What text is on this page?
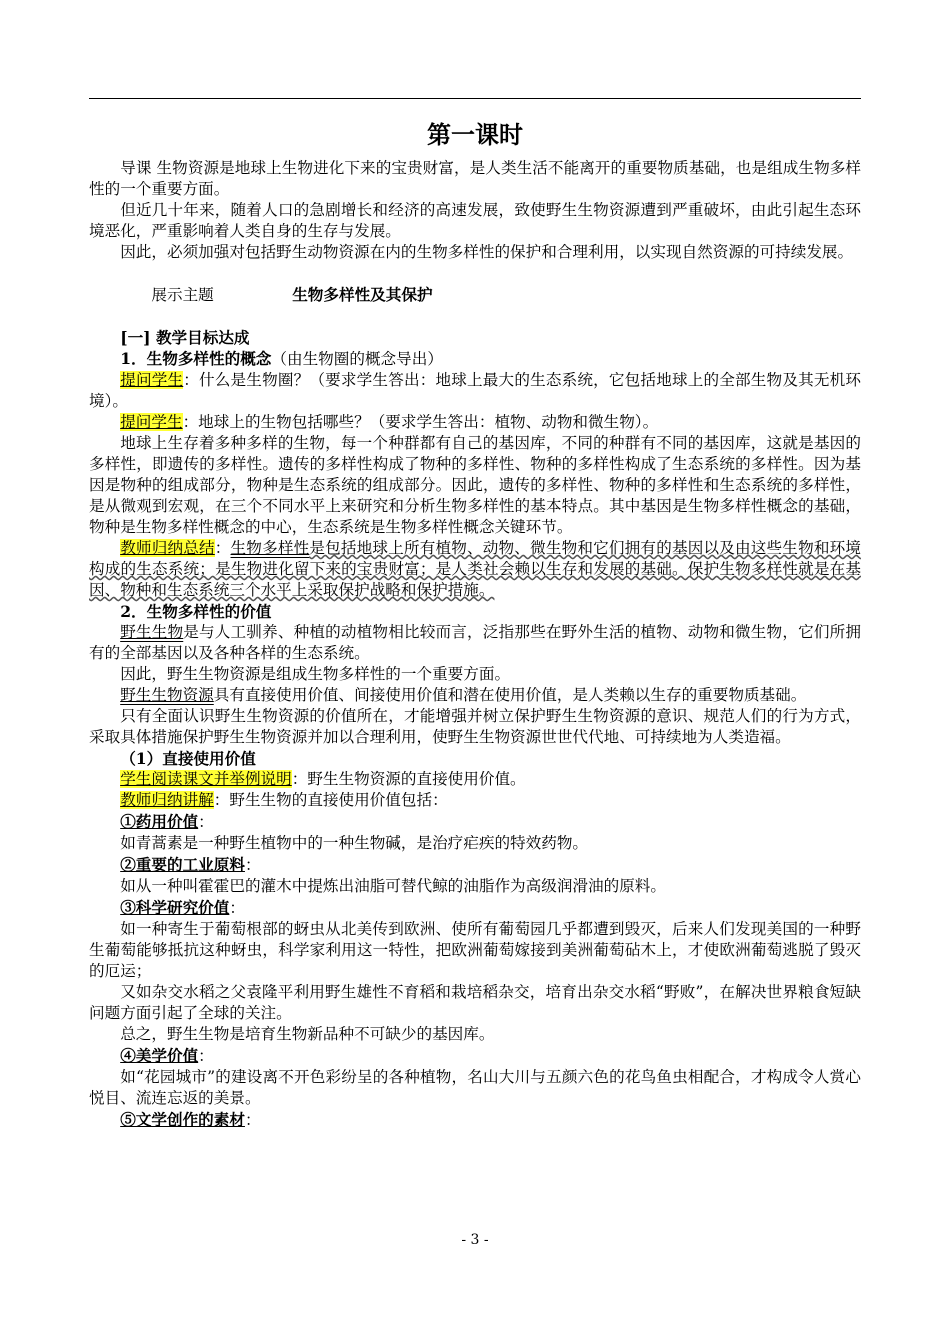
第一课时

导课 生物资源是地球上生物进化下来的宝贵财富，是人类生活不能离开的重要物质基础，也是组成生物多样性的一个重要方面。

但近几十年来，随着人口的急剧增长和经济的高速发展，致使野生生物资源遭到严重破坏，由此引起生态环境恶化，严重影响着人类自身的生存与发展。

因此，必须加强对包括野生动物资源在内的生物多样性的保护和合理利用，以实现自然资源的可持续发展。

展示主题	生物多样性及其保护

[一] 教学目标达成

1．生物多样性的概念（由生物圈的概念导出）

提问学生：什么是生物圈？（要求学生答出：地球上最大的生态系统，它包括地球上的全部生物及其无机环境）。

提问学生：地球上的生物包括哪些？（要求学生答出：植物、动物和微生物）。

地球上生存着多种多样的生物，每一个种群都有自己的基因库，不同的种群有不同的基因库，这就是基因的多样性，即遗传的多样性。遗传的多样性构成了物种的多样性、物种的多样性构成了生态系统的多样性。因为基因是物种的组成部分，物种是生态系统的组成部分。因此，遗传的多样性、物种的多样性和生态系统的多样性，是从微观到宏观，在三个不同水平上来研究和分析生物多样性的基本特点。其中基因是生物多样性概念的基础，物种是生物多样性概念的中心，生态系统是生物多样性概念关键环节。

教师归纳总结：生物多样性是包括地球上所有植物、动物、微生物和它们拥有的基因以及由这些生物和环境构成的生态系统；是生物进化留下来的宝贵财富；是人类社会赖以生存和发展的基础。保护生物多样性就是在基因、物种和生态系统三个水平上采取保护战略和保护措施。

2．生物多样性的价值

野生生物是与人工驯养、种植的动植物相比较而言，泛指那些在野外生活的植物、动物和微生物，它们所拥有的全部基因以及各种各样的生态系统。

因此，野生生物资源是组成生物多样性的一个重要方面。

野生生物资源具有直接使用价值、间接使用价值和潜在使用价值，是人类赖以生存的重要物质基础。

只有全面认识野生生物资源的价值所在，才能增强并树立保护野生生物资源的意识、规范人们的行为方式，采取具体措施保护野生生物资源并加以合理利用，使野生生物资源世世代代地、可持续地为人类造福。

（1）直接使用价值

学生阅读课文并举例说明：野生生物资源的直接使用价值。

教师归纳讲解：野生生物的直接使用价值包括：

①药用价值：

如青蒿素是一种野生植物中的一种生物碱，是治疗疟疾的特效药物。

②重要的工业原料：

如从一种叫霍霍巴的灌木中提炼出油脂可替代鲸的油脂作为高级润滑油的原料。

③科学研究价值：

如一种寄生于葡萄根部的蚜虫从北美传到欧洲、使所有葡萄园几乎都遭到毁灭，后来人们发现美国的一种野生葡萄能够抵抗这种蚜虫，科学家利用这一特性，把欧洲葡萄嫁接到美洲葡萄砧木上，才使欧洲葡萄逃脱了毁灭的厄运；

又如杂交水稻之父袁隆平利用野生雄性不育稻和栽培稻杂交，培育出杂交水稻“野败”，在解决世界粮食短缺问题方面引起了全球的关注。

总之，野生生物是培育生物新品种不可缺少的基因库。

④美学价值：

如“花园城市”的建设离不开色彩纷呈的各种植物，名山大川与五颜六色的花鸟鱼虫相配合，才构成令人赏心悦目、流连忘返的美景。

⑤文学创作的素材：

- 3 -
